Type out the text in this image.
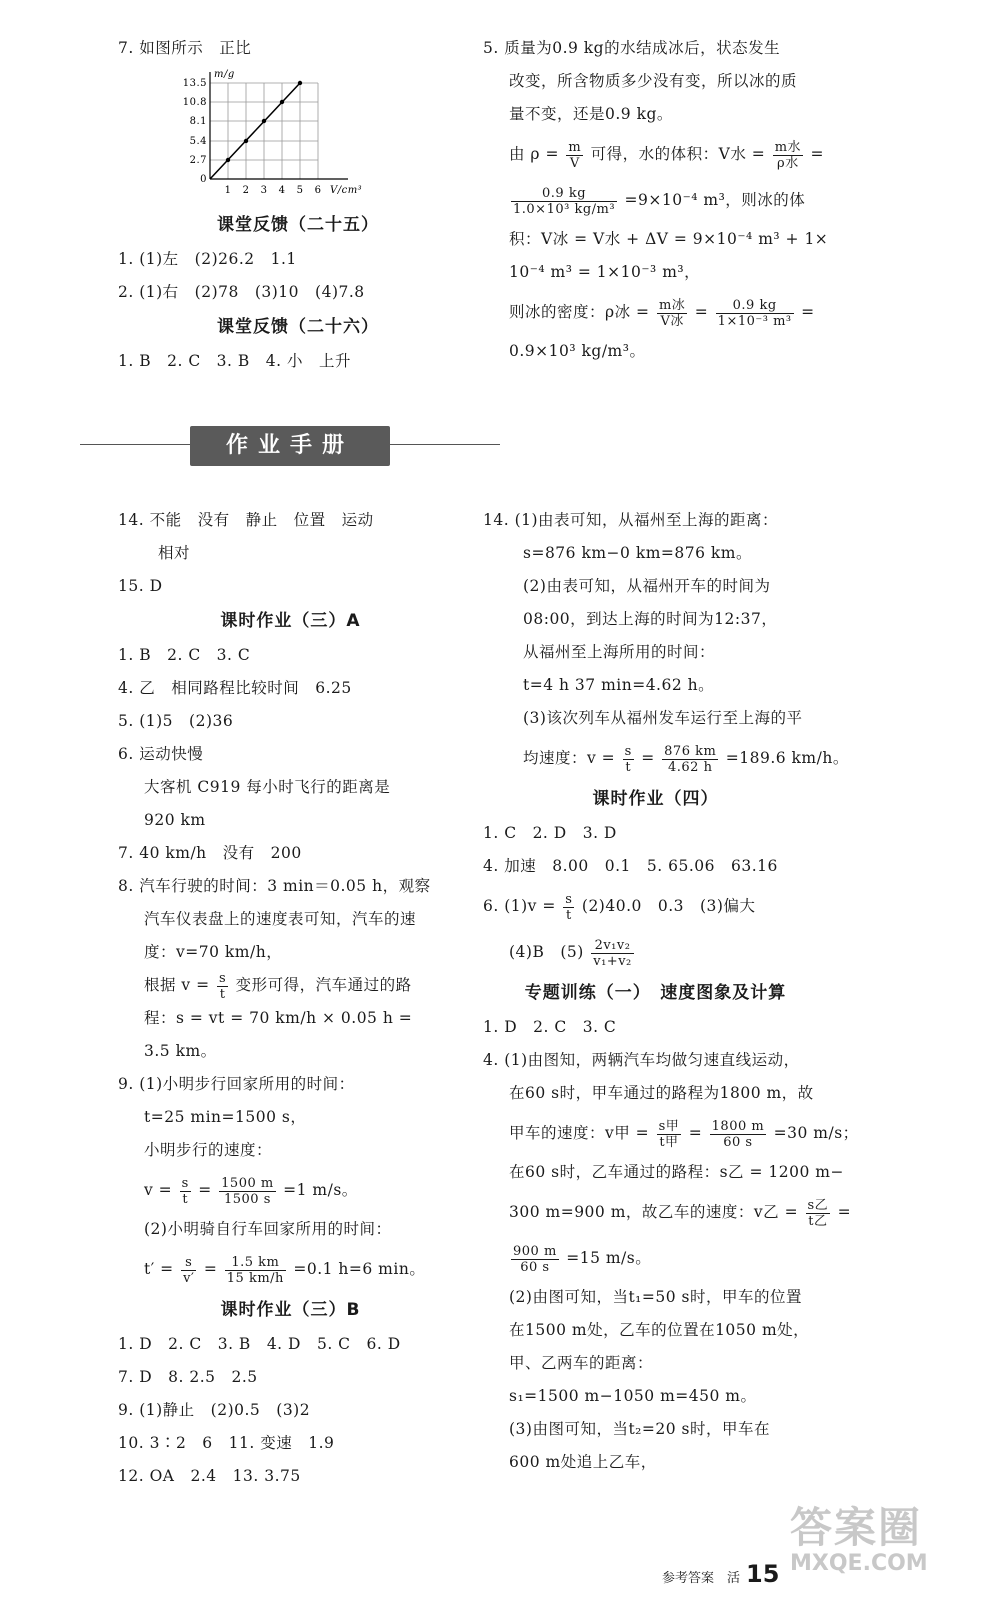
7. 如图所示　正比
13.5
10.8
8.1
5.4
2.7
0
1 2 3 4 5 6
m/g
V/cm³
课堂反馈（二十五）
1. (1)左　(2)26.2　1.1
2. (1)右　(2)78　(3)10　(4)7.8
课堂反馈（二十六）
1. B　2. C　3. B　4. 小　上升
5. 质量为0.9 kg的水结成冰后，状态发生
改变，所含物质多少没有变，所以冰的质
量不变，还是0.9 kg。
由 $\rho = \frac{m}{V}$ 可得，水的体积：V水 = $\frac{\text{m水}}{\text{ρ水}}$ =
$\frac{0.9 kg}{\text{1.0×10³ kg/m³}} =9\times 10^{-4}$ m³，则冰的体
积：V冰 = V水 + ΔV = 9×10⁻⁴ m³ + 1×
10⁻⁴ m³ = 1×10⁻³ m³，
则冰的密度：ρ冰 = $\frac{\text{m冰}}{\text{V冰}} = \frac{0.9 kg}{\text{1×10⁻³ m³}}$ =
0.9×10³ kg/m³。
作业手册
14. 不能　没有　静止　位置　运动
相对
15. D
课时作业（三）A
1. B　2. C　3. C
4. 乙　相同路程比较时间　6.25
5. (1)5　(2)36
6. 运动快慢
大客机 C919 每小时飞行的距离是
920 km
7. 40 km/h　没有　200
8. 汽车行驶的时间：3 min＝0.05 h，观察
汽车仪表盘上的速度表可知，汽车的速
度：v=70 km/h，
根据 $v = \frac{s}{t}$ 变形可得，汽车通过的路
程：s = vt = 70 km/h × 0.05 h =
3.5 km。
9. (1)小明步行回家所用的时间：
t=25 min=1500 s，
小明步行的速度：
$v = \frac{s}{t} = \frac{1500 m}{1500 s} =1$ m/s。
(2)小明骑自行车回家所用的时间：
$t' = \frac{s}{v'} = \frac{1.5 km}{15 km/h} =0.1$ h=6 min。
课时作业（三）B
1. D　2. C　3. B　4. D　5. C　6. D
7. D　8. 2.5　2.5
9. (1)静止　(2)0.5　(3)2
10. 3∶2　6　11. 变速　1.9
12. OA　2.4　13. 3.75
14. (1)由表可知，从福州至上海的距离：
s=876 km−0 km=876 km。
(2)由表可知，从福州开车的时间为
08:00，到达上海的时间为12:37，
从福州至上海所用的时间：
t=4 h 37 min=4.62 h。
(3)该次列车从福州发车运行至上海的平
均速度：$v = \frac{s}{t} = \frac{876 km}{4.62 h} =189.6$ km/h。
课时作业（四）
1. C　2. D　3. D
4. 加速　8.00　0.1　5. 65.06　63.16
6. $(1)v = \frac{s}{t} (2)40.0$　0.3　(3)偏大
(4)B　$(5) \frac{\text{2v₁v₂}}{\text{v₁+v₂}}$
专题训练（一）　速度图象及计算
1. D　2. C　3. C
4. (1)由图知，两辆汽车均做匀速直线运动，
在60 s时，甲车通过的路程为1800 m，故
甲车的速度：v甲 = $\frac{\text{s甲}}{\text{t甲}} = \frac{1800 m}{60 s} =30$ m/s；
在60 s时，乙车通过的路程：s乙 = 1200 m−
300 m=900 m，故乙车的速度：v乙 = $\frac{\text{s乙}}{\text{t乙}}$ =
$\frac{900 m}{60 s} =15$ m/s。
(2)由图可知，当t₁=50 s时，甲车的位置
在1500 m处，乙车的位置在1050 m处，
甲、乙两车的距离：
s₁=1500 m−1050 m=450 m。
(3)由图可知，当t₂=20 s时，甲车在
600 m处追上乙车，
答案圈
MXQE.COM
参考答案　活 15
